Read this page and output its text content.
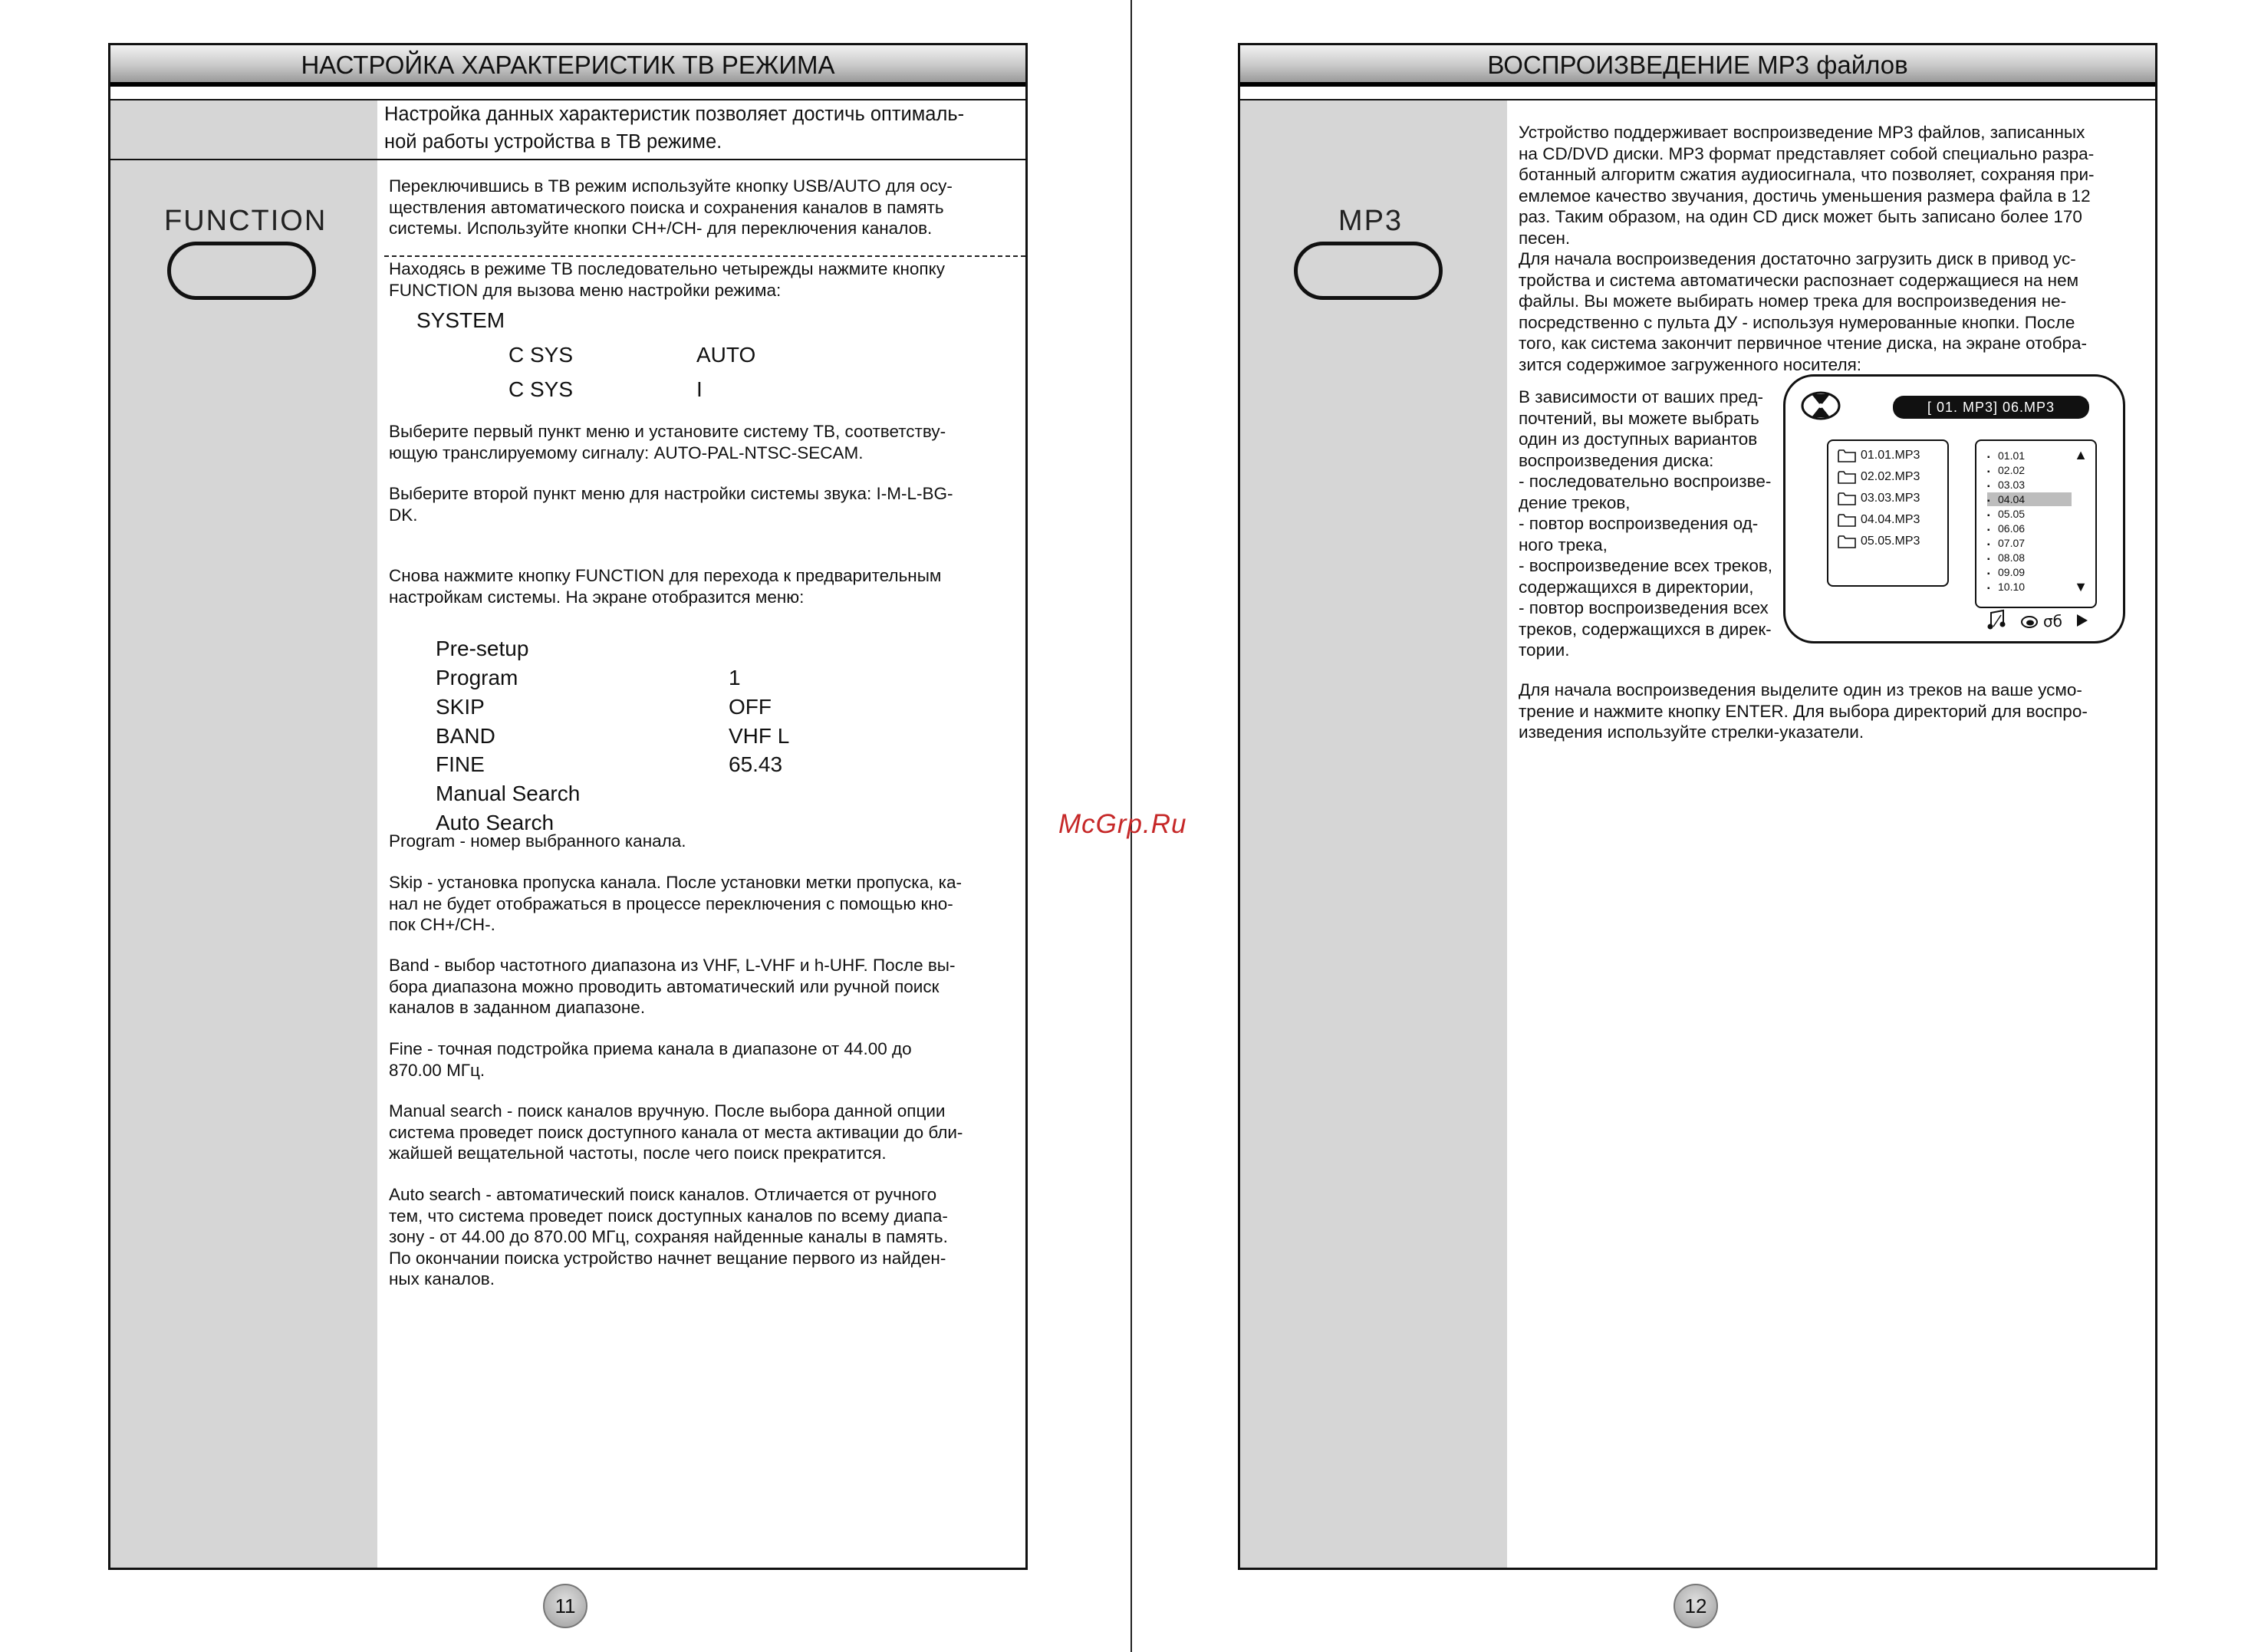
НАСТРОЙКА ХАРАКТЕРИСТИК ТВ РЕЖИМА
Настройка данных характеристик позволяет достичь оптималь-
ной работы устройства в ТВ режиме.
FUNCTION
Переключившись в ТВ режим используйте кнопку USB/AUTO для осу-
ществления автоматического поиска и сохранения каналов в память
системы. Используйте кнопки CH+/CH- для переключения каналов.
Находясь в режиме ТВ последовательно четырежды нажмите кнопку
FUNCTION для вызова меню настройки режима:
SYSTEM
C SYS	AUTO
C SYS	I
Выберите первый пункт меню и установите систему ТВ, соответству-
ющую транслируемому сигналу: AUTO-PAL-NTSC-SECAM.
Выберите второй пункт меню для настройки системы звука: I-M-L-BG-
DK.
Снова нажмите кнопку FUNCTION для перехода к предварительным
настройкам системы. На экране отобразится меню:
Pre-setup
Program	1
SKIP	OFF
BAND	VHF L
FINE	65.43
Manual Search
Auto Search
Program - номер выбранного канала.
Skip - установка пропуска канала. После установки метки пропуска, ка-
нал не будет отображаться в процессе переключения с помощью кно-
пок CH+/CH-.
Band - выбор частотного диапазона из VHF, L-VHF и h-UHF. После вы-
бора диапазона можно проводить автоматический или ручной поиск
каналов в заданном диапазоне.
Fine - точная подстройка приема канала в диапазоне от 44.00 до
870.00 МГц.
Manual search - поиск каналов вручную. После выбора данной опции
система проведет поиск доступного канала от места активации до бли-
жайшей вещательной частоты, после чего поиск прекратится.
Auto search - автоматический поиск каналов. Отличается от ручного
тем, что система проведет поиск доступных каналов по всему диапа-
зону - от 44.00 до 870.00 МГц, сохраняя найденные каналы в память.
По окончании поиска устройство начнет вещание первого из найден-
ных каналов.
11
ВОСПРОИЗВЕДЕНИЕ МР3 файлов
MP3
Устройство поддерживает воспроизведение МР3 файлов, записанных
на CD/DVD диски. МР3 формат представляет собой специально разра-
ботанный алгоритм сжатия аудиосигнала, что позволяет, сохраняя при-
емлемое качество звучания, достичь уменьшения размера файла в 12
раз. Таким образом, на один CD диск может быть записано более 170
песен.
Для начала воспроизведения достаточно загрузить диск в привод ус-
тройства и система автоматически распознает содержащиеся на нем
файлы. Вы можете выбирать номер трека для воспроизведения не-
посредственно с пульта ДУ - используя нумерованные кнопки. После
того, как система закончит первичное чтение диска, на экране отобра-
зится содержимое загруженного носителя:
В зависимости от ваших пред-
почтений, вы можете выбрать
один из доступных вариантов
воспроизведения диска:
- последовательно воспроизве-
дение треков,
- повтор воспроизведения од-
ного трека,
- воспроизведение всех треков,
содержащихся в директории,
- повтор воспроизведения всех
треков, содержащихся в дирек-
тории.
Для начала воспроизведения выделите один из треков на ваше усмо-
трение и нажмите кнопку ENTER. Для выбора директорий для воспро-
изведения используйте стрелки-указатели.
12
[ 01. MP3] 06.MP3
01.01.MP3
02.02.MP3
03.03.MP3
04.04.MP3
05.05.MP3
▪ 01.01
▪ 02.02
▪ 03.03
▪ 04.04
▪ 05.05
▪ 06.06
▪ 07.07
▪ 08.08
▪ 09.09
▪ 10.10
▲
▼
σб
McGrp.Ru
